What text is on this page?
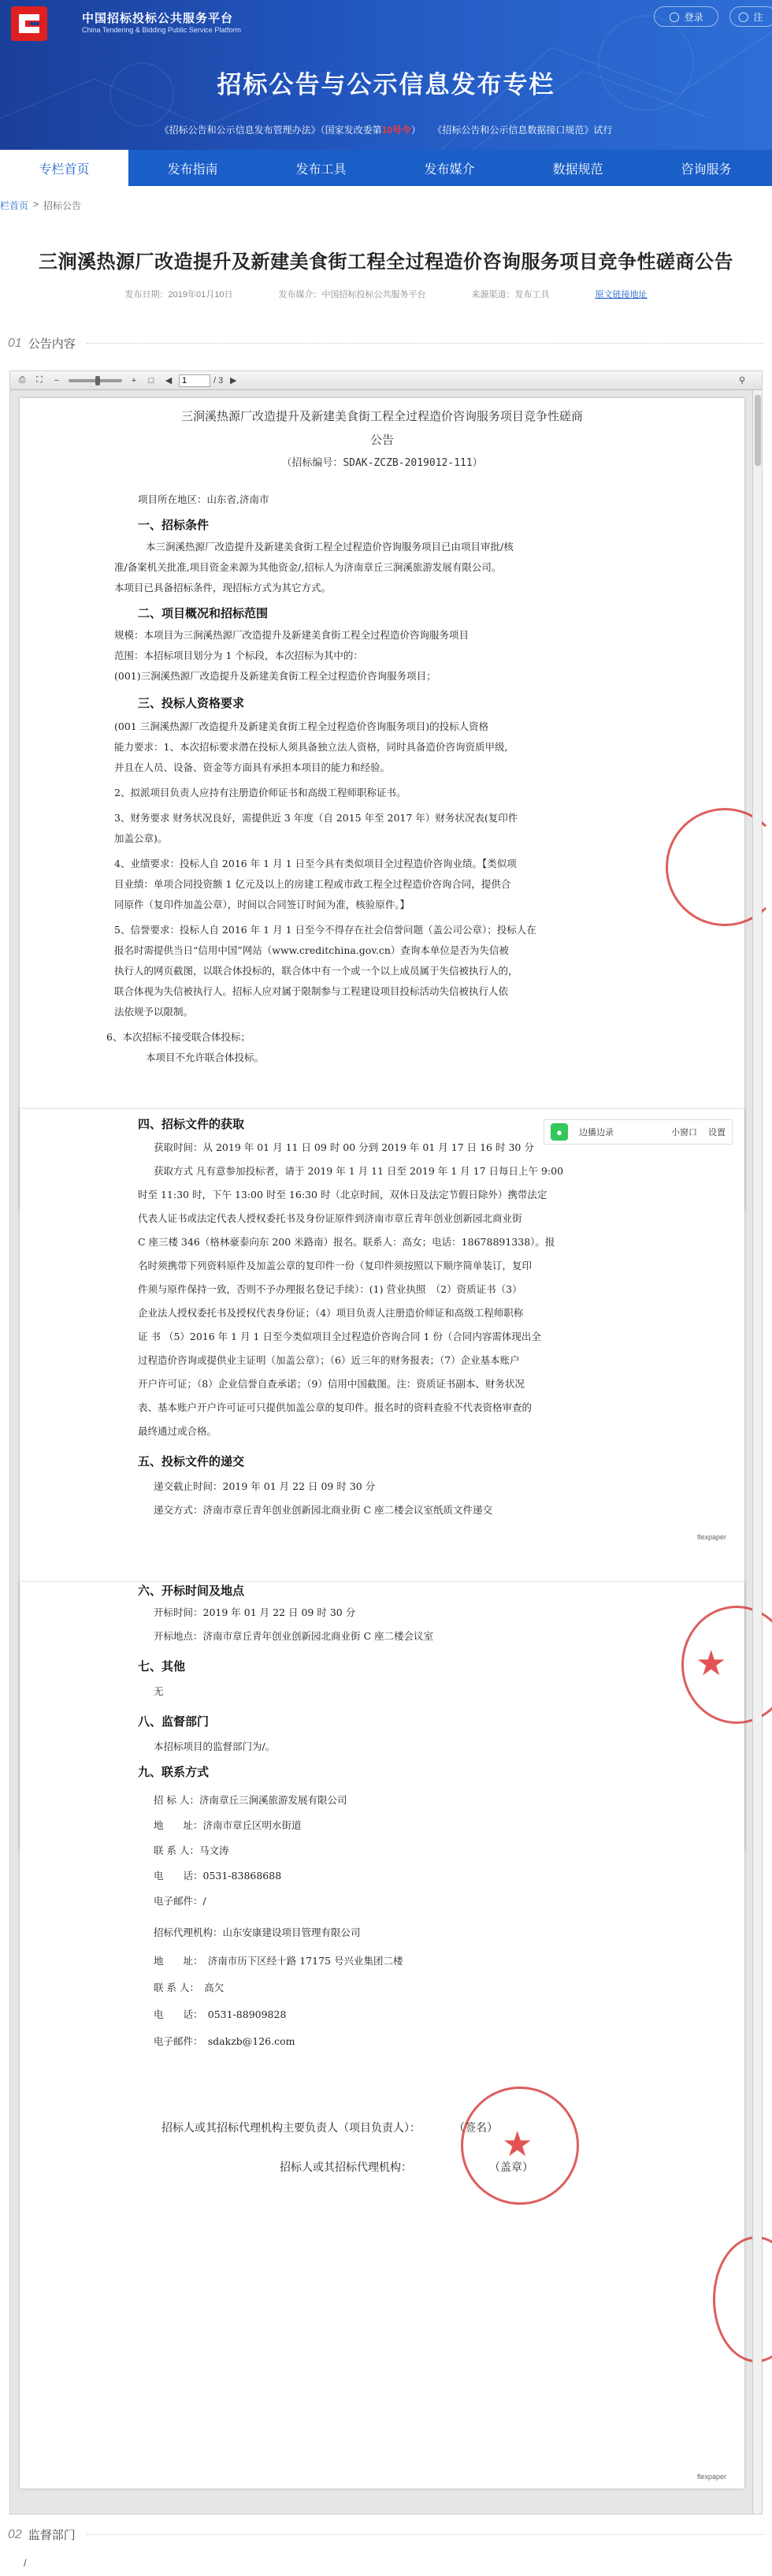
中国招标投标公共服务平台
China Tendering & Bidding Public Service Platform
◯ 登录	◯ 注
招标公告与公示信息发布专栏
《招标公告和公示信息发布管理办法》（国家发改委第10号令） 《招标公告和公示信息数据接口规范》试行
专栏首页	发布指南	发布工具	发布媒介	数据规范	咨询服务
栏首页 > 招标公告
三涧溪热源厂改造提升及新建美食街工程全过程造价咨询服务项目竞争性磋商公告
发布日期：2019年01月10日	发布媒介：中国招标投标公共服务平台	来源渠道：发布工具	原文链接地址
01 公告内容
⎙	⛶	−	+	□	◀
1	/ 3 ▶	⚲
三涧溪热源厂改造提升及新建美食街工程全过程造价咨询服务项目竞争性磋商
公告
（招标编号：SDAK-ZCZB-2019012-111）
项目所在地区：山东省,济南市
一、招标条件
本三涧溪热源厂改造提升及新建美食街工程全过程造价咨询服务项目已由项目审批/核
准/备案机关批准,项目资金来源为其他资金/,招标人为济南章丘三涧溪旅游发展有限公司。
本项目已具备招标条件，现招标方式为其它方式。
二、项目概况和招标范围
规模：本项目为三涧溪热源厂改造提升及新建美食街工程全过程造价咨询服务项目
范围：本招标项目划分为 1 个标段，本次招标为其中的：
(001)三涧溪热源厂改造提升及新建美食街工程全过程造价咨询服务项目；
三、投标人资格要求
(001 三涧溪热源厂改造提升及新建美食街工程全过程造价咨询服务项目)的投标人资格
能力要求：1、本次招标要求潜在投标人须具备独立法人资格，同时具备造价咨询资质甲级,
并且在人员、设备、资金等方面具有承担本项目的能力和经验。
2、拟派项目负责人应持有注册造价师证书和高级工程师职称证书。
3、财务要求 财务状况良好，需提供近 3 年度（自 2015 年至 2017 年）财务状况表(复印件
加盖公章)。
4、业绩要求：投标人自 2016 年 1 月 1 日至今具有类似项目全过程造价咨询业绩。【类似项
目业绩：单项合同投资额 1 亿元及以上的房建工程或市政工程全过程造价咨询合同，提供合
同原件（复印件加盖公章），时间以合同签订时间为准，核验原件。】
5、信誉要求：投标人自 2016 年 1 月 1 日至今不得存在社会信誉问题（盖公司公章）；投标人在
报名时需提供当日“信用中国”网站（www.creditchina.gov.cn）查询本单位是否为失信被
执行人的网页截图，以联合体投标的，联合体中有一个或一个以上成员属于失信被执行人的，
联合体视为失信被执行人。招标人应对属于限制参与工程建设项目投标活动失信被执行人依
法依规予以限制。
6、本次招标不接受联合体投标；
本项目不允许联合体投标。
四、招标文件的获取
获取时间：从 2019 年 01 月 11 日 09 时 00 分到 2019 年 01 月 17 日 16 时 30 分
获取方式 凡有意参加投标者，请于 2019 年 1 月 11 日至 2019 年 1 月 17 日每日上午 9:00
时至 11:30 时，下午 13:00 时至 16:30 时（北京时间，双休日及法定节假日除外）携带法定
代表人证书或法定代表人授权委托书及身份证原件到济南市章丘青年创业创新园北商业街
C 座三楼 346（格林豪泰向东 200 米路南）报名。联系人：高女；电话：18678891338）。报
名时须携带下列资料原件及加盖公章的复印件一份（复印件须按照以下顺序简单装订，复印
件须与原件保持一致，否则不予办理报名登记手续）：(1) 营业执照　（2）资质证书（3）
企业法人授权委托书及授权代表身份证；（4）项目负责人注册造价师证和高级工程师职称
证 书 （5）2016 年 1 月 1 日至今类似项目全过程造价咨询合同 1 份（合同内容需体现出全
过程造价咨询或提供业主证明（加盖公章）；（6）近三年的财务报表；（7）企业基本账户
开户许可证；（8）企业信誉自查承诺；（9）信用中国截图。注：资质证书副本、财务状况
表、基本账户开户许可证可只提供加盖公章的复印件。报名时的资料查验不代表资格审查的
最终通过或合格。
五、投标文件的递交
递交截止时间：2019 年 01 月 22 日 09 时 30 分
递交方式：济南市章丘青年创业创新园北商业街 C 座二楼会议室纸质文件递交
flexpaper
六、开标时间及地点
开标时间：2019 年 01 月 22 日 09 时 30 分
开标地点：济南市章丘青年创业创新园北商业街 C 座二楼会议室
七、其他
无
八、监督部门
本招标项目的监督部门为/。
九、联系方式
招 标 人：济南章丘三涧溪旅游发展有限公司
地　　址：济南市章丘区明水街道
联 系 人：马文涛
电　　话：0531-83868688
电子邮件：/
招标代理机构：山东安康建设项目管理有限公司
地　　址：　济南市历下区经十路 17175 号兴业集团二楼
联 系 人：　高欠
电　　话：　0531-88909828
电子邮件：　sdakzb@126.com
招标人或其招标代理机构主要负责人（项目负责人）：　　　　（签名）
招标人或其招标代理机构：　　　　　　　　（盖章）
★
★
flexpaper
●	边播边录	小窗口 设置
02 监督部门
/
